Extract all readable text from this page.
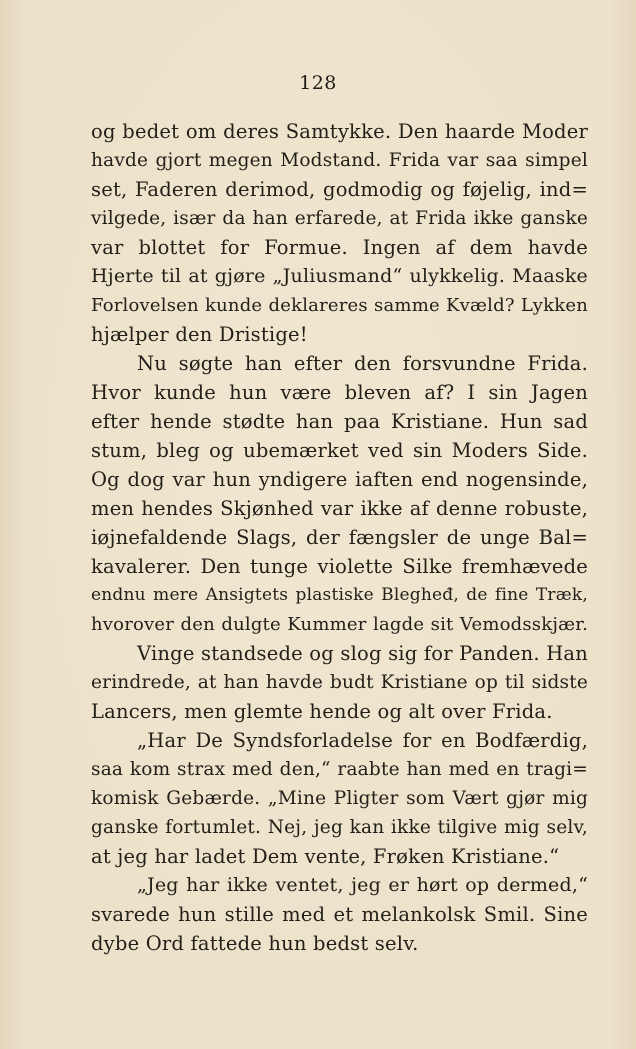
128
og bedet om deres Samtykke. Den haarde Moder
havde gjort megen Modstand. Frida var saa simpel
set, Faderen derimod, godmodig og føjelig, ind=
vilgede, især da han erfarede, at Frida ikke ganske
var blottet for Formue. Ingen af dem havde
Hjerte til at gjøre „Juliusmand“ ulykkelig. Maaske
Forlovelsen kunde deklareres samme Kvæld? Lykken
hjælper den Dristige!
Nu søgte han efter den forsvundne Frida.
Hvor kunde hun være bleven af? I sin Jagen
efter hende stødte han paa Kristiane. Hun sad
stum, bleg og ubemærket ved sin Moders Side.
Og dog var hun yndigere iaften end nogensinde,
men hendes Skjønhed var ikke af denne robuste,
iøjnefaldende Slags, der fængsler de unge Bal=
kavalerer. Den tunge violette Silke fremhævede
endnu mere Ansigtets plastiske Blegheđ, de fine Træk,
hvorover den dulgte Kummer lagde sit Vemodsskjær.
Vinge standsede og slog sig for Panden. Han
erindrede, at han havde budt Kristiane op til sidste
Lancers, men glemte hende og alt over Frida.
„Har De Syndsforladelse for en Bodfærdig,
saa kom strax med den,“ raabte han med en tragi=
komisk Gebærde. „Mine Pligter som Vært gjør mig
ganske fortumlet. Nej, jeg kan ikke tilgive mig selv,
at jeg har ladet Dem vente, Frøken Kristiane.“
„Jeg har ikke ventet, jeg er hørt op dermed,“
svarede hun stille med et melankolsk Smil. Sine
dybe Ord fattede hun bedst selv.
